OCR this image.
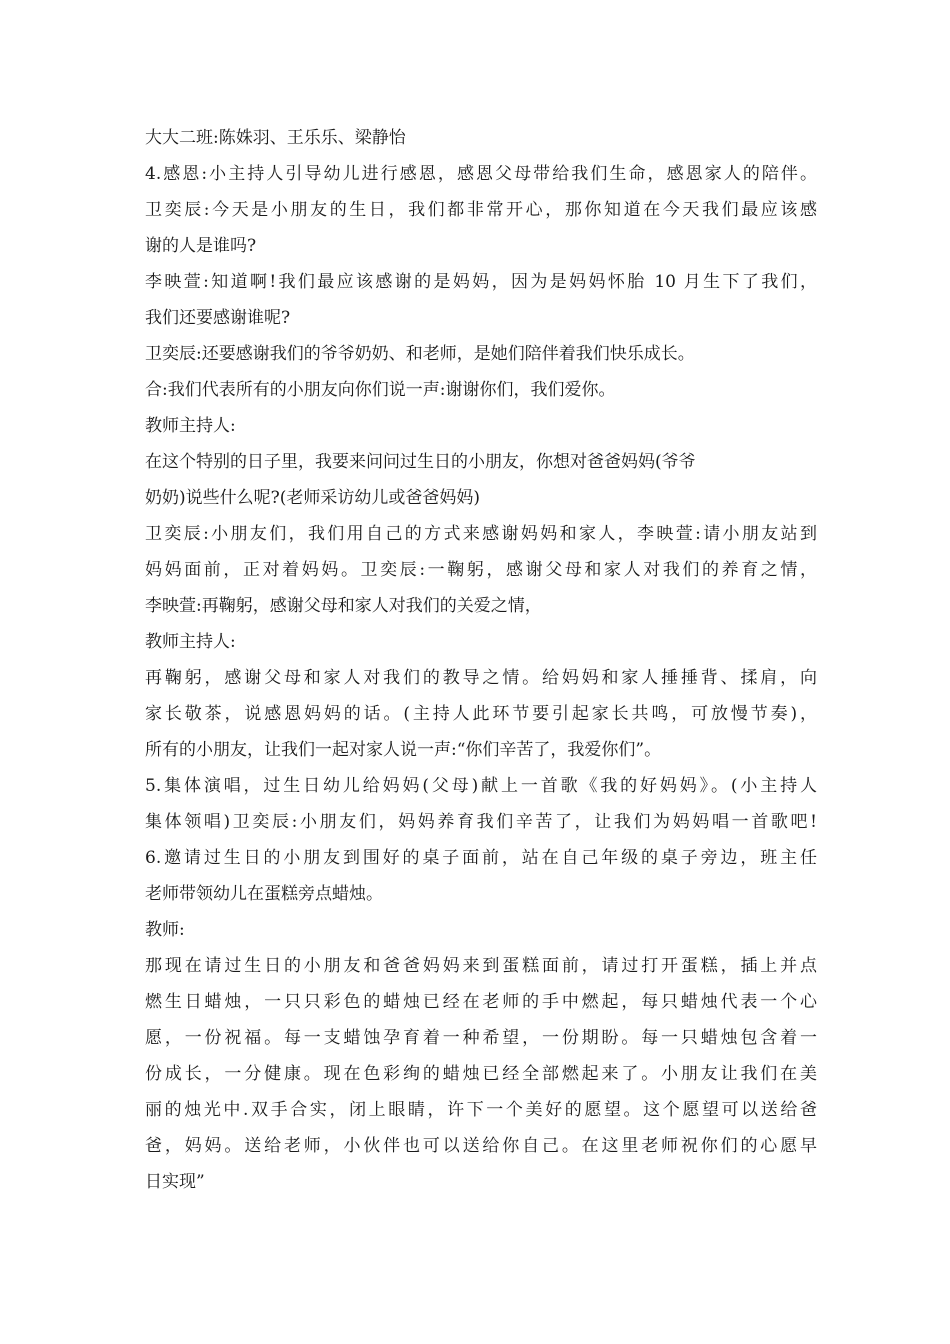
大大二班:陈姝羽、王乐乐、梁静怡
4.感恩:小主持人引导幼儿进行感恩，感恩父母带给我们生命，感恩家人的陪伴。
卫奕辰:今天是小朋友的生日，我们都非常开心，那你知道在今天我们最应该感
谢的人是谁吗?
李映萱:知道啊!我们最应该感谢的是妈妈，因为是妈妈怀胎 10 月生下了我们，
我们还要感谢谁呢?
卫奕辰:还要感谢我们的爷爷奶奶、和老师，是她们陪伴着我们快乐成长。
合:我们代表所有的小朋友向你们说一声:谢谢你们，我们爱你。
教师主持人:
在这个特别的日子里，我要来问问过生日的小朋友，你想对爸爸妈妈(爷爷
奶奶)说些什么呢?(老师采访幼儿或爸爸妈妈)
卫奕辰:小朋友们，我们用自己的方式来感谢妈妈和家人，李映萱:请小朋友站到
妈妈面前，正对着妈妈。卫奕辰:一鞠躬，感谢父母和家人对我们的养育之情，
李映萱:再鞠躬，感谢父母和家人对我们的关爱之情，
教师主持人:
再鞠躬，感谢父母和家人对我们的教导之情。给妈妈和家人捶捶背、揉肩，向
家长敬茶，说感恩妈妈的话。(主持人此环节要引起家长共鸣，可放慢节奏)，
所有的小朋友，让我们一起对家人说一声:“你们辛苦了，我爱你们”。
5.集体演唱，过生日幼儿给妈妈(父母)献上一首歌《我的好妈妈》。(小主持人
集体领唱)卫奕辰:小朋友们，妈妈养育我们辛苦了，让我们为妈妈唱一首歌吧!
6.邀请过生日的小朋友到围好的桌子面前，站在自己年级的桌子旁边，班主任
老师带领幼儿在蛋糕旁点蜡烛。
教师:
那现在请过生日的小朋友和爸爸妈妈来到蛋糕面前，请过打开蛋糕，插上并点
燃生日蜡烛，一只只彩色的蜡烛已经在老师的手中燃起，每只蜡烛代表一个心
愿，一份祝福。每一支蜡蚀孕育着一种希望，一份期盼。每一只蜡烛包含着一
份成长，一分健康。现在色彩绚的蜡烛已经全部燃起来了。小朋友让我们在美
丽的烛光中.双手合实，闭上眼睛，许下一个美好的愿望。这个愿望可以送给爸
爸，妈妈。送给老师，小伙伴也可以送给你自己。在这里老师祝你们的心愿早
日实现”
